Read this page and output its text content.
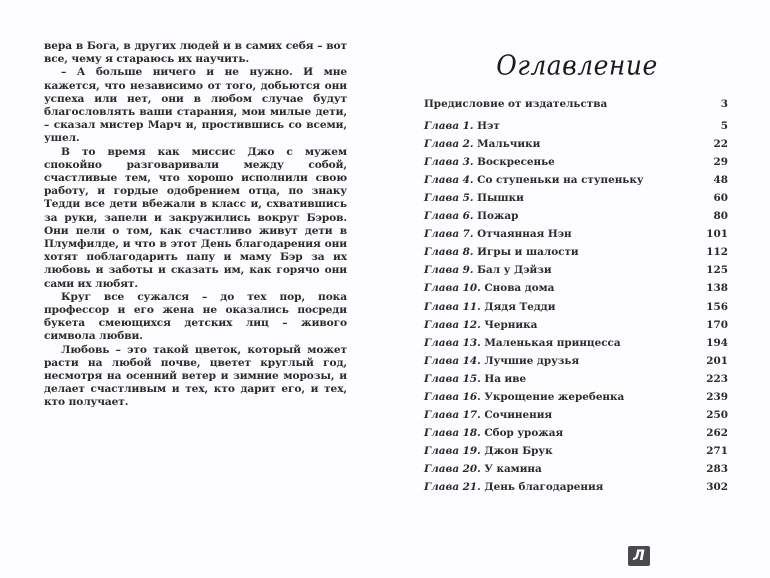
вера в Бога, в других людей и в самих себя – вот все, чему я стараюсь их научить.

– А больше ничего и не нужно. И мне кажется, что независимо от того, добьются они успеха или нет, они в любом случае будут благословлять ваши старания, мои милые дети, – сказал мистер Марч и, простившись со всеми, ушел.

В то время как миссис Джо с мужем спокойно разговаривали между собой, счастливые тем, что хорошо исполнили свою работу, и гордые одобрением отца, по знаку Тедди все дети вбежали в класс и, схватившись за руки, запели и закружились вокруг Бэров. Они пели о том, как счастливо живут дети в Плумфилде, и что в этот День благодарения они хотят поблагодарить папу и маму Бэр за их любовь и заботы и сказать им, как горячо они сами их любят.

Круг все сужался – до тех пор, пока профессор и его жена не оказались посреди букета смеющихся детских лиц – живого символа любви.

Любовь – это такой цветок, который может расти на любой почве, цветет круглый год, несмотря на осенний ветер и зимние морозы, и делает счастливым и тех, кто дарит его, и тех, кто получает.

Оглавление
Предисловие от издательства	3
Глава 1. Нэт	5
Глава 2. Мальчики	22
Глава 3. Воскресенье	29
Глава 4. Со ступеньки на ступеньку	48
Глава 5. Пышки	60
Глава 6. Пожар	80
Глава 7. Отчаянная Нэн	101
Глава 8. Игры и шалости	112
Глава 9. Бал у Дэйзи	125
Глава 10. Снова дома	138
Глава 11. Дядя Тедди	156
Глава 12. Черника	170
Глава 13. Маленькая принцесса	194
Глава 14. Лучшие друзья	201
Глава 15. На иве	223
Глава 16. Укрощение жеребенка	239
Глава 17. Сочинения	250
Глава 18. Сбор урожая	262
Глава 19. Джон Брук	271
Глава 20. У камина	283
Глава 21. День благодарения	302
Л
